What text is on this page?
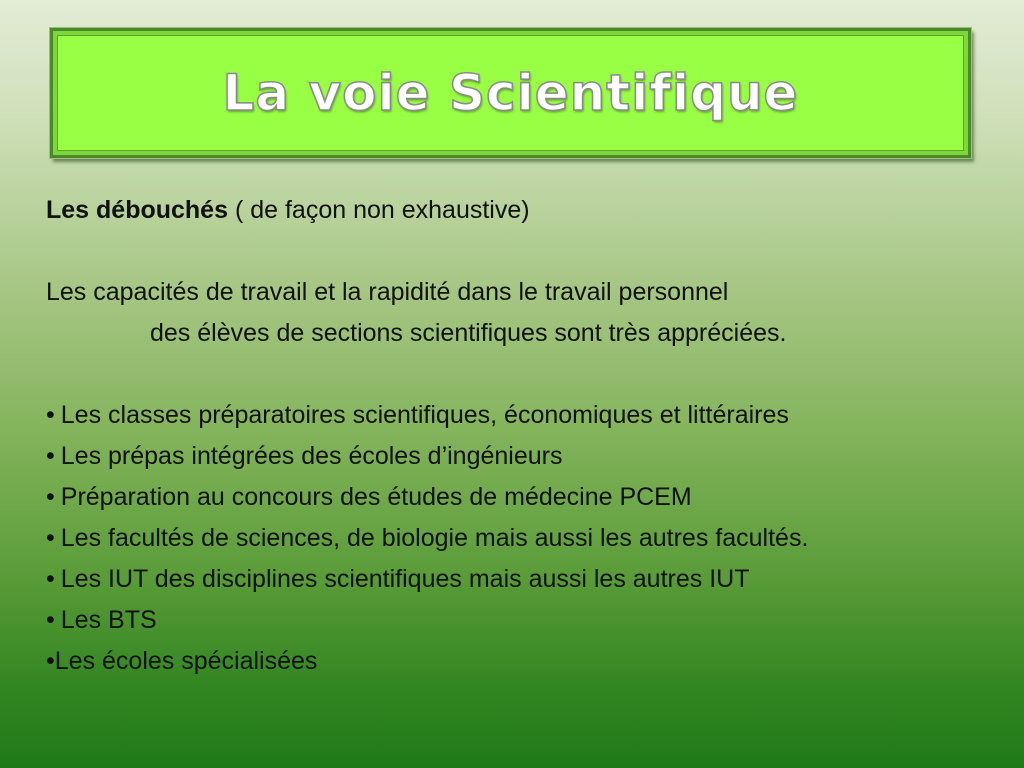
La voie Scientifique

Les débouchés ( de façon non exhaustive)

Les capacités de travail et la rapidité dans le travail personnel

des élèves de sections scientifiques sont très appréciées.

• Les classes préparatoires scientifiques, économiques et littéraires

• Les prépas intégrées des écoles d’ingénieurs

• Préparation au concours des études de médecine PCEM

• Les facultés de sciences, de biologie mais aussi les autres facultés.

• Les IUT des disciplines scientifiques mais aussi les autres IUT

• Les BTS

•Les écoles spécialisées
